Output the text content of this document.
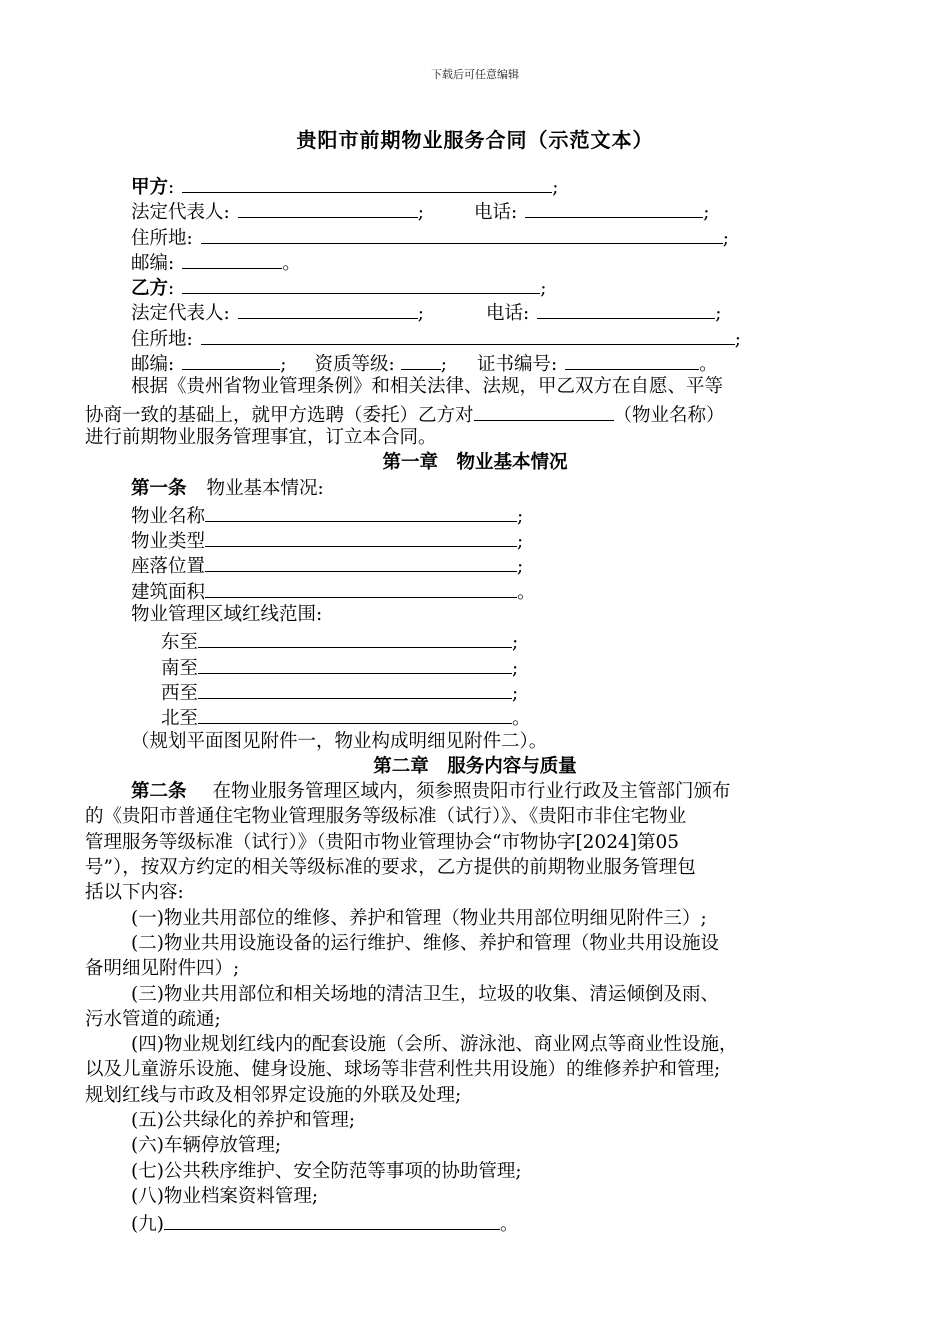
下载后可任意编辑
贵阳市前期物业服务合同（示范文本）
甲方:	;
法定代表人:	;	电话:	;
住所地:	;
邮编:	。
乙方:	;
法定代表人:	;	电话:	;
住所地:	;
邮编:	; 资质等级: ; 证书编号:	。
根据《贵州省物业管理条例》和相关法律、法规，甲乙双方在自愿、平等
协商一致的基础上，就甲方选聘（委托）乙方对	（物业名称）
进行前期物业服务管理事宜，订立本合同。
第一章　物业基本情况
第一条 物业基本情况:
物业名称	;
物业类型	;
座落位置	;
建筑面积	。
物业管理区域红线范围:
东至	;
南至	;
西至	;
北至	。
（规划平面图见附件一，物业构成明细见附件二）。
第二章　服务内容与质量
第二条 在物业服务管理区域内，须参照贵阳市行业行政及主管部门颁布
的《贵阳市普通住宅物业管理服务等级标准（试行）》、《贵阳市非住宅物业
管理服务等级标准（试行）》（贵阳市物业管理协会“市物协字[2024]第05
号”），按双方约定的相关等级标准的要求，乙方提供的前期物业服务管理包
括以下内容:
(一)物业共用部位的维修、养护和管理（物业共用部位明细见附件三）;
(二)物业共用设施设备的运行维护、维修、养护和管理（物业共用设施设
备明细见附件四）;
(三)物业共用部位和相关场地的清洁卫生，垃圾的收集、清运倾倒及雨、
污水管道的疏通;
(四)物业规划红线内的配套设施（会所、游泳池、商业网点等商业性设施，
以及儿童游乐设施、健身设施、球场等非营利性共用设施）的维修养护和管理;
规划红线与市政及相邻界定设施的外联及处理;
(五)公共绿化的养护和管理;
(六)车辆停放管理;
(七)公共秩序维护、安全防范等事项的协助管理;
(八)物业档案资料管理;
(九)	。
